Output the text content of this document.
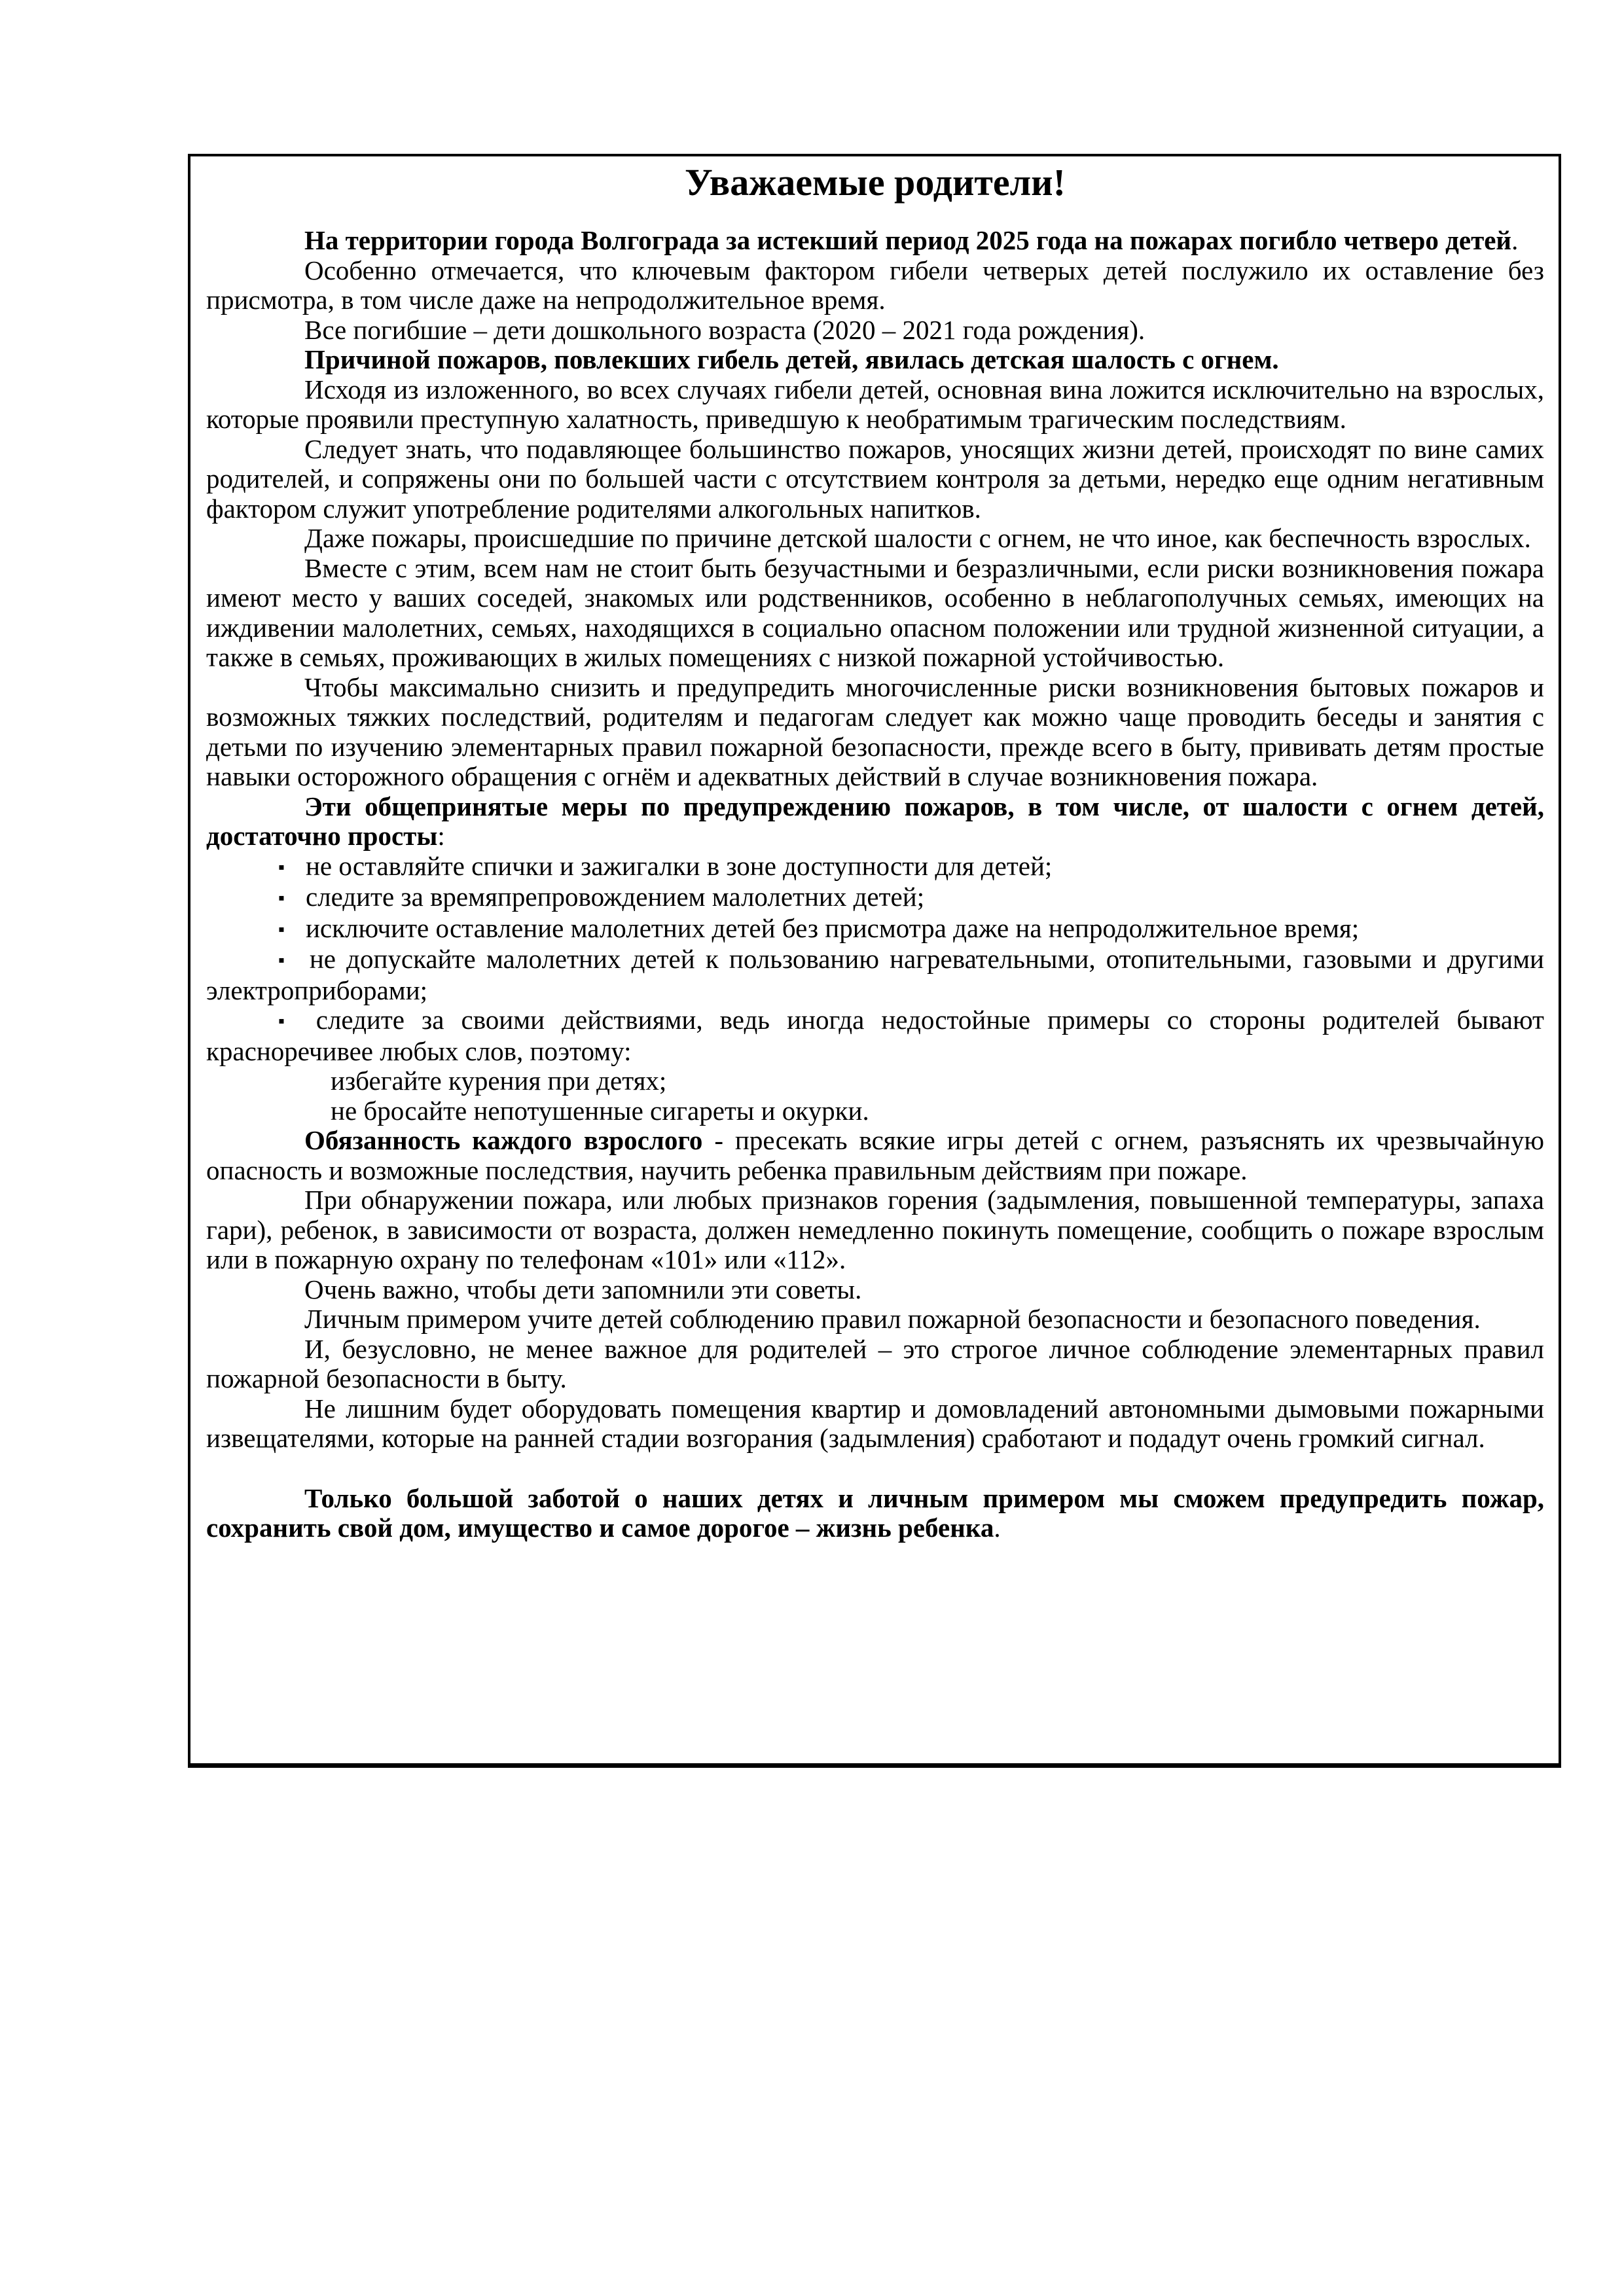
Уважаемые родители!

На территории города Волгограда за истекший период 2025 года на пожарах погибло четверо детей.

Особенно отмечается, что ключевым фактором гибели четверых детей послужило их оставление без присмотра, в том числе даже на непродолжительное время.

Все погибшие – дети дошкольного возраста (2020 – 2021 года рождения).

Причиной пожаров, повлекших гибель детей, явилась детская шалость с огнем.

Исходя из изложенного, во всех случаях гибели детей, основная вина ложится исключительно на взрослых, которые проявили преступную халатность, приведшую к необратимым трагическим последствиям.

Следует знать, что подавляющее большинство пожаров, уносящих жизни детей, происходят по вине самих родителей, и сопряжены они по большей части с отсутствием контроля за детьми, нередко еще одним негативным фактором служит употребление родителями алкогольных напитков.

Даже пожары, происшедшие по причине детской шалости с огнем, не что иное, как беспечность взрослых.

Вместе с этим, всем нам не стоит быть безучастными и безразличными, если риски возникновения пожара имеют место у ваших соседей, знакомых или родственников, особенно в неблагополучных семьях, имеющих на иждивении малолетних, семьях, находящихся в социально опасном положении или трудной жизненной ситуации, а также в семьях, проживающих в жилых помещениях с низкой пожарной устойчивостью.

Чтобы максимально снизить и предупредить многочисленные риски возникновения бытовых пожаров и возможных тяжких последствий, родителям и педагогам следует как можно чаще проводить беседы и занятия с детьми по изучению элементарных правил пожарной безопасности, прежде всего в быту, прививать детям простые навыки осторожного обращения с огнём и адекватных действий в случае возникновения пожара.

Эти общепринятые меры по предупреждению пожаров, в том числе, от шалости с огнем детей, достаточно просты:

▪ не оставляйте спички и зажигалки в зоне доступности для детей;

▪ следите за времяпрепровождением малолетних детей;

▪ исключите оставление малолетних детей без присмотра даже на непродолжительное время;

▪ не допускайте малолетних детей к пользованию нагревательными, отопительными, газовыми и другими электроприборами;

▪ следите за своими действиями, ведь иногда недостойные примеры со стороны родителей бывают красноречивее любых слов, поэтому:

избегайте курения при детях;

не бросайте непотушенные сигареты и окурки.

Обязанность каждого взрослого - пресекать всякие игры детей с огнем, разъяснять их чрезвычайную опасность и возможные последствия, научить ребенка правильным действиям при пожаре.

При обнаружении пожара, или любых признаков горения (задымления, повышенной температуры, запаха гари), ребенок, в зависимости от возраста, должен немедленно покинуть помещение, сообщить о пожаре взрослым или в пожарную охрану по телефонам «101» или «112».

Очень важно, чтобы дети запомнили эти советы.

Личным примером учите детей соблюдению правил пожарной безопасности и безопасного поведения.

И, безусловно, не менее важное для родителей – это строгое личное соблюдение элементарных правил пожарной безопасности в быту.

Не лишним будет оборудовать помещения квартир и домовладений автономными дымовыми пожарными извещателями, которые на ранней стадии возгорания (задымления) сработают и подадут очень громкий сигнал.

Только большой заботой о наших детях и личным примером мы сможем предупредить пожар, сохранить свой дом, имущество и самое дорогое – жизнь ребенка.
